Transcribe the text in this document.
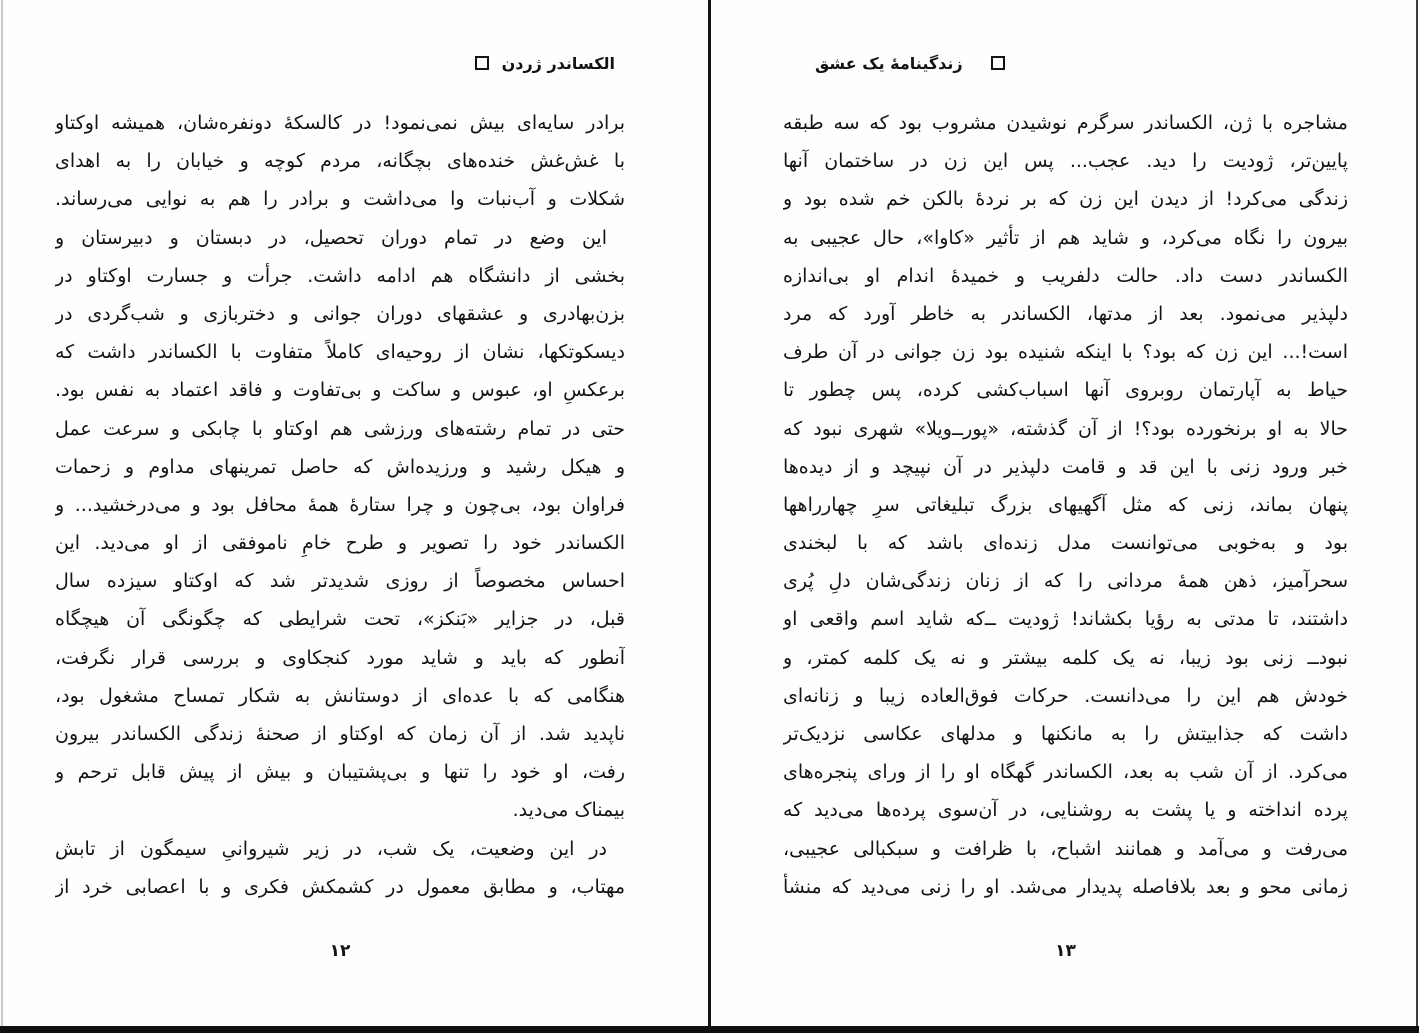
الکساندر ژردن
برادر سایه‌ای بیش نمی‌نمود! در کالسکهٔ دونفره‌شان، همیشه اوکتاو
با غش‌غش خنده‌های بچگانه، مردم کوچه و خیابان را به اهدای
شکلات و آب‌نبات وا می‌داشت و برادر را هم به نوایی می‌رساند.
این وضع در تمام دوران تحصیل، در دبستان و دبیرستان و
بخشی از دانشگاه هم ادامه داشت. جرأت و جسارت اوکتاو در
بزن‌بهادری و عشقهای دوران جوانی و دختربازی و شب‌گردی در
دیسکوتکها، نشان از روحیه‌ای کاملاً متفاوت با الکساندر داشت که
برعکسِ او، عبوس و ساکت و بی‌تفاوت و فاقد اعتماد به نفس بود.
حتی در تمام رشته‌های ورزشی هم اوکتاو با چابکی و سرعت عمل
و هیکل رشید و ورزیده‌اش که حاصل تمرینهای مداوم و زحمات
فراوان بود، بی‌چون و چرا ستارهٔ همهٔ محافل بود و می‌درخشید... و
الکساندر خود را تصویر و طرح خامِ ناموفقی از او می‌دید. این
احساس مخصوصاً از روزی شدیدتر شد که اوکتاو سیزده سال
قبل، در جزایر «بَنکز»، تحت شرایطی که چگونگی آن هیچگاه
آنطور که باید و شاید مورد کنجکاوی و بررسی قرار نگرفت،
هنگامی که با عده‌ای از دوستانش به شکار تمساح مشغول بود،
ناپدید شد. از آن زمان که اوکتاو از صحنهٔ زندگی الکساندر بیرون
رفت، او خود را تنها و بی‌پشتیبان و بیش از پیش قابل ترحم و
بیمناک می‌دید.
در این وضعیت، یک شب، در زیر شیروانیِ سیمگون از تابش
مهتاب، و مطابق معمول در کشمکش فکری و با اعصابی خرد از
۱۲
زندگینامهٔ یک عشق
مشاجره با ژن، الکساندر سرگرم نوشیدن مشروب بود که سه طبقه
پایین‌تر، ژودیت را دید. عجب... پس این زن در ساختمان آنها
زندگی می‌کرد! از دیدن این زن که بر نردهٔ بالکن خم شده بود و
بیرون را نگاه می‌کرد، و شاید هم از تأثیر «کاوا»، حال عجیبی به
الکساندر دست داد. حالت دلفریب و خمیدهٔ اندام او بی‌اندازه
دلپذیر می‌نمود. بعد از مدتها، الکساندر به خاطر آورد که مرد
است!... این زن که بود؟ با اینکه شنیده بود زن جوانی در آن طرف
حیاط به آپارتمان روبروی آنها اسباب‌کشی کرده، پس چطور تا
حالا به او برنخورده بود؟! از آن گذشته، «پورــ‌ویلا» شهری نبود که
خبر ورود زنی با این قد و قامت دلپذیر در آن نپیچد و از دیده‌ها
پنهان بماند، زنی که مثل آگهیهای بزرگ تبلیغاتی سرِ چهارراهها
بود و به‌خوبی می‌توانست مدل زنده‌ای باشد که با لبخندی
سحرآمیز، ذهن همهٔ مردانی را که از زنان زندگی‌شان دلِ پُری
داشتند، تا مدتی به رؤیا بکشاند! ژودیت ــ‌که شاید اسم واقعی او
نبودــ زنی بود زیبا، نه یک کلمه بیشتر و نه یک کلمه کمتر، و
خودش هم این را می‌دانست. حرکات فوق‌العاده زیبا و زنانه‌ای
داشت که جذابیتش را به مانکنها و مدلهای عکاسی نزدیک‌تر
می‌کرد. از آن شب به بعد، الکساندر گهگاه او را از ورای پنجره‌های
پرده انداخته و یا پشت به روشنایی، در آن‌سوی پرده‌ها می‌دید که
می‌رفت و می‌آمد و همانند اشباح، با ظرافت و سبکبالی عجیبی،
زمانی محو و بعد بلافاصله پدیدار می‌شد. او را زنی می‌دید که منشأ
۱۳
